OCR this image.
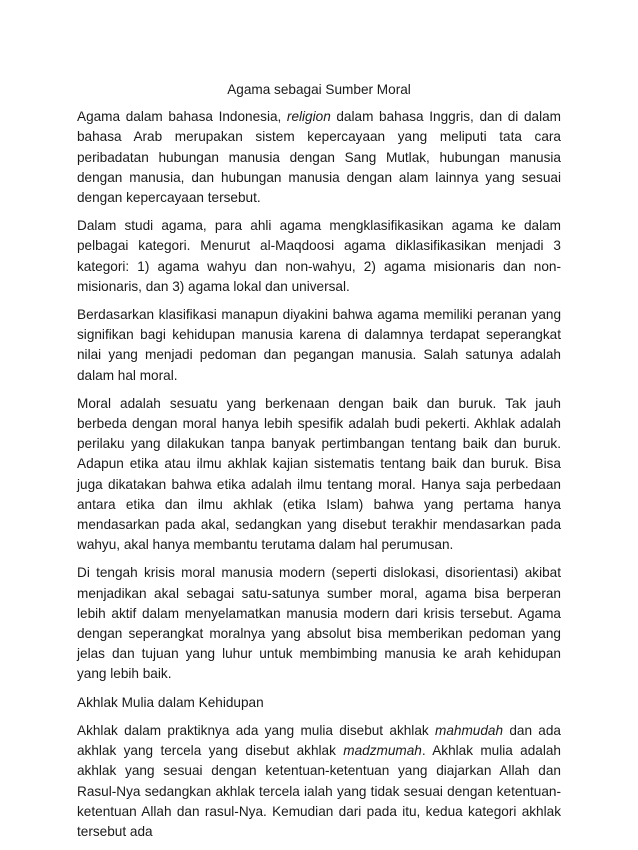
Agama sebagai Sumber Moral

Agama dalam bahasa Indonesia, religion dalam bahasa Inggris, dan di dalam bahasa Arab merupakan sistem kepercayaan yang meliputi tata cara peribadatan hubungan manusia dengan Sang Mutlak, hubungan manusia dengan manusia, dan hubungan manusia dengan alam lainnya yang sesuai dengan kepercayaan tersebut.

Dalam studi agama, para ahli agama mengklasifikasikan agama ke dalam pelbagai kategori. Menurut al-Maqdoosi agama diklasifikasikan menjadi 3 kategori: 1) agama wahyu dan non-wahyu, 2) agama misionaris dan non-misionaris, dan 3) agama lokal dan universal.

Berdasarkan klasifikasi manapun diyakini bahwa agama memiliki peranan yang signifikan bagi kehidupan manusia karena di dalamnya terdapat seperangkat nilai yang menjadi pedoman dan pegangan manusia. Salah satunya adalah dalam hal moral.

Moral adalah sesuatu yang berkenaan dengan baik dan buruk. Tak jauh berbeda dengan moral hanya lebih spesifik adalah budi pekerti. Akhlak adalah perilaku yang dilakukan tanpa banyak pertimbangan tentang baik dan buruk. Adapun etika atau ilmu akhlak kajian sistematis tentang baik dan buruk. Bisa juga dikatakan bahwa etika adalah ilmu tentang moral. Hanya saja perbedaan antara etika dan ilmu akhlak (etika Islam) bahwa yang pertama hanya mendasarkan pada akal, sedangkan yang disebut terakhir mendasarkan pada wahyu, akal hanya membantu terutama dalam hal perumusan.

Di tengah krisis moral manusia modern (seperti dislokasi, disorientasi) akibat menjadikan akal sebagai satu-satunya sumber moral, agama bisa berperan lebih aktif dalam menyelamatkan manusia modern dari krisis tersebut. Agama dengan seperangkat moralnya yang absolut bisa memberikan pedoman yang jelas dan tujuan yang luhur untuk membimbing manusia ke arah kehidupan yang lebih baik.

Akhlak Mulia dalam Kehidupan

Akhlak dalam praktiknya ada yang mulia disebut akhlak mahmudah dan ada akhlak yang tercela yang disebut akhlak madzmumah. Akhlak mulia adalah akhlak yang sesuai dengan ketentuan-ketentuan yang diajarkan Allah dan Rasul-Nya sedangkan akhlak tercela ialah yang tidak sesuai dengan ketentuan-ketentuan Allah dan rasul-Nya. Kemudian dari pada itu, kedua kategori akhlak tersebut ada
